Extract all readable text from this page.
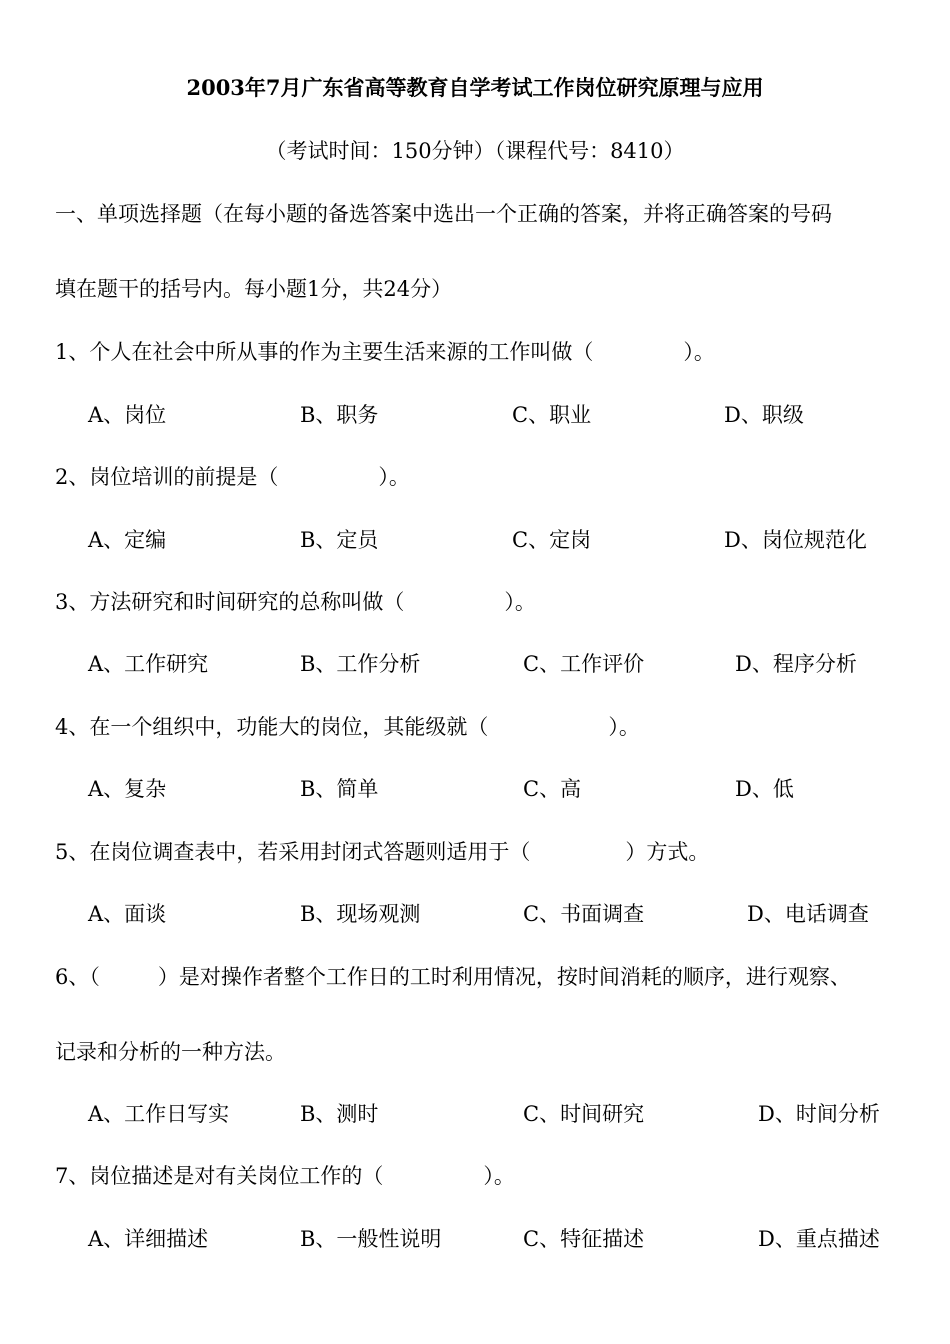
2003年7月广东省高等教育自学考试工作岗位研究原理与应用
（考试时间：150分钟）（课程代号：8410）
一、单项选择题（在每小题的备选答案中选出一个正确的答案，并将正确答案的号码
填在题干的括号内。每小题1分，共24分）
1、个人在社会中所从事的作为主要生活来源的工作叫做（	）。
A、岗位	B、职务	C、职业	D、职级
2、岗位培训的前提是（	）。
A、定编	B、定员	C、定岗	D、岗位规范化
3、方法研究和时间研究的总称叫做（	）。
A、工作研究	B、工作分析	C、工作评价	D、程序分析
4、在一个组织中，功能大的岗位，其能级就（	）。
A、复杂	B、简单	C、高	D、低
5、在岗位调查表中，若采用封闭式答题则适用于（	）方式。
A、面谈	B、现场观测	C、书面调查	D、电话调查
6、（	）是对操作者整个工作日的工时利用情况，按时间消耗的顺序，进行观察、
记录和分析的一种方法。
A、工作日写实	B、测时	C、时间研究	D、时间分析
7、岗位描述是对有关岗位工作的（	）。
A、详细描述	B、一般性说明	C、特征描述	D、重点描述
